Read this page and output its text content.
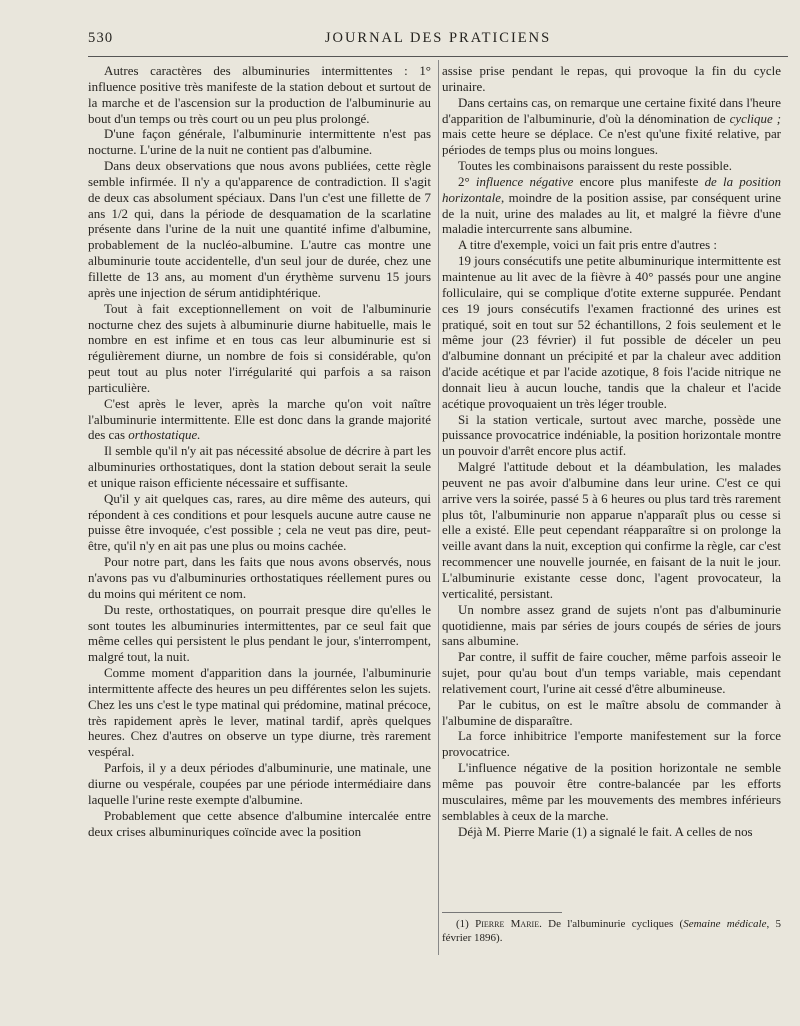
530	JOURNAL DES PRATICIENS

Autres caractères des albuminuries intermittentes : 1° influence positive très manifeste de la station debout et surtout de la marche et de l'ascension sur la production de l'albuminurie au bout d'un temps ou très court ou un peu plus prolongé.

D'une façon générale, l'albuminurie intermittente n'est pas nocturne. L'urine de la nuit ne contient pas d'albumine.

Dans deux observations que nous avons publiées, cette règle semble infirmée. Il n'y a qu'apparence de contradiction. Il s'agit de deux cas absolument spéciaux. Dans l'un c'est une fillette de 7 ans 1/2 qui, dans la période de desquamation de la scarlatine présente dans l'urine de la nuit une quantité infime d'albumine, probablement de la nucléo-albumine. L'autre cas montre une albuminurie toute accidentelle, d'un seul jour de durée, chez une fillette de 13 ans, au moment d'un érythème survenu 15 jours après une injection de sérum antidiphtérique.

Tout à fait exceptionnellement on voit de l'albuminurie nocturne chez des sujets à albuminurie diurne habituelle, mais le nombre en est infime et en tous cas leur albuminurie est si régulièrement diurne, un nombre de fois si considérable, qu'on peut tout au plus noter l'irrégularité qui parfois a sa raison particulière.

C'est après le lever, après la marche qu'on voit naître l'albuminurie intermittente. Elle est donc dans la grande majorité des cas orthostatique.

Il semble qu'il n'y ait pas nécessité absolue de décrire à part les albuminuries orthostatiques, dont la station debout serait la seule et unique raison efficiente nécessaire et suffisante.

Qu'il y ait quelques cas, rares, au dire même des auteurs, qui répondent à ces conditions et pour lesquels aucune autre cause ne puisse être invoquée, c'est possible ; cela ne veut pas dire, peut-être, qu'il n'y en ait pas une plus ou moins cachée.

Pour notre part, dans les faits que nous avons observés, nous n'avons pas vu d'albuminuries orthostatiques réellement pures ou du moins qui méritent ce nom.

Du reste, orthostatiques, on pourrait presque dire qu'elles le sont toutes les albuminuries intermittentes, par ce seul fait que même celles qui persistent le plus pendant le jour, s'interrompent, malgré tout, la nuit.

Comme moment d'apparition dans la journée, l'albuminurie intermittente affecte des heures un peu différentes selon les sujets. Chez les uns c'est le type matinal qui prédomine, matinal précoce, très rapidement après le lever, matinal tardif, après quelques heures. Chez d'autres on observe un type diurne, très rarement vespéral.

Parfois, il y a deux périodes d'albuminurie, une matinale, une diurne ou vespérale, coupées par une période intermédiaire dans laquelle l'urine reste exempte d'albumine.

Probablement que cette absence d'albumine intercalée entre deux crises albuminuriques coïncide avec la position

assise prise pendant le repas, qui provoque la fin du cycle urinaire.

Dans certains cas, on remarque une certaine fixité dans l'heure d'apparition de l'albuminurie, d'où la dénomination de cyclique ; mais cette heure se déplace. Ce n'est qu'une fixité relative, par périodes de temps plus ou moins longues.

Toutes les combinaisons paraissent du reste possible.

2° influence négative encore plus manifeste de la position horizontale, moindre de la position assise, par conséquent urine de la nuit, urine des malades au lit, et malgré la fièvre d'une maladie intercurrente sans albumine.

A titre d'exemple, voici un fait pris entre d'autres :

19 jours consécutifs une petite albuminurique intermittente est maintenue au lit avec de la fièvre à 40° passés pour une angine folliculaire, qui se complique d'otite externe suppurée. Pendant ces 19 jours consécutifs l'examen fractionné des urines est pratiqué, soit en tout sur 52 échantillons, 2 fois seulement et le même jour (23 février) il fut possible de déceler un peu d'albumine donnant un précipité et par la chaleur avec addition d'acide acétique et par l'acide azotique, 8 fois l'acide nitrique ne donnait lieu à aucun louche, tandis que la chaleur et l'acide acétique provoquaient un très léger trouble.

Si la station verticale, surtout avec marche, possède une puissance provocatrice indéniable, la position horizontale montre un pouvoir d'arrêt encore plus actif.

Malgré l'attitude debout et la déambulation, les malades peuvent ne pas avoir d'albumine dans leur urine. C'est ce qui arrive vers la soirée, passé 5 à 6 heures ou plus tard très rarement plus tôt, l'albuminurie non apparue n'apparaît plus ou cesse si elle a existé. Elle peut cependant réapparaître si on prolonge la veille avant dans la nuit, exception qui confirme la règle, car c'est recommencer une nouvelle journée, en faisant de la nuit le jour. L'albuminurie existante cesse donc, l'agent provocateur, la verticalité, persistant.

Un nombre assez grand de sujets n'ont pas d'albuminurie quotidienne, mais par séries de jours coupés de séries de jours sans albumine.

Par contre, il suffit de faire coucher, même parfois asseoir le sujet, pour qu'au bout d'un temps variable, mais cependant relativement court, l'urine ait cessé d'être albumineuse.

Par le cubitus, on est le maître absolu de commander à l'albumine de disparaître.

La force inhibitrice l'emporte manifestement sur la force provocatrice.

L'influence négative de la position horizontale ne semble même pas pouvoir être contre-balancée par les efforts musculaires, même par les mouvements des membres inférieurs semblables à ceux de la marche.

Déjà M. Pierre Marie (1) a signalé le fait. A celles de nos

(1) Pierre Marie. De l'albuminurie cycliques (Semaine médicale, 5 février 1896).
